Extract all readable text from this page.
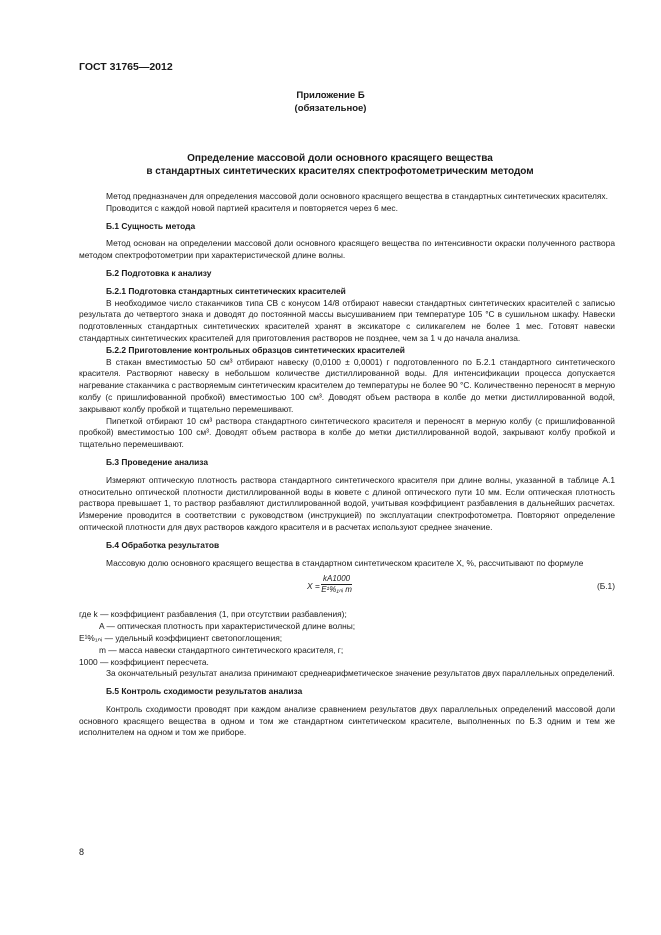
ГОСТ 31765—2012
Приложение Б
(обязательное)
Определение массовой доли основного красящего вещества
в стандартных синтетических красителях спектрофотометрическим методом

Метод предназначен для определения массовой доли основного красящего вещества в стандартных синтетических красителях.

Проводится с каждой новой партией красителя и повторяется через 6 мес.

Б.1 Сущность метода

Метод основан на определении массовой доли основного красящего вещества по интенсивности окраски полученного раствора методом спектрофотометрии при характеристической длине волны.

Б.2 Подготовка к анализу

Б.2.1 Подготовка стандартных синтетических красителей

В необходимое число стаканчиков типа СВ с конусом 14/8 отбирают навески стандартных синтетических красителей с записью результата до четвертого знака и доводят до постоянной массы высушиванием при температуре 105 °С в сушильном шкафу. Навески подготовленных стандартных синтетических красителей хранят в эксикаторе с силикагелем не более 1 мес. Готовят навески стандартных синтетических красителей для приготовления растворов не позднее, чем за 1 ч до начала анализа.

Б.2.2 Приготовление контрольных образцов синтетических красителей

В стакан вместимостью 50 см³ отбирают навеску (0,0100 ± 0,0001) г подготовленного по Б.2.1 стандартного синтетического красителя. Растворяют навеску в небольшом количестве дистиллированной воды. Для интенсификации процесса допускается нагревание стаканчика с растворяемым синтетическим красителем до температуры не более 90 °С. Количественно переносят в мерную колбу (с пришлифованной пробкой) вместимостью 100 см³. Доводят объем раствора в колбе до метки дистиллированной водой, закрывают колбу пробкой и тщательно перемешивают.

Пипеткой отбирают 10 см³ раствора стандартного синтетического красителя и переносят в мерную колбу (с пришлифованной пробкой) вместимостью 100 см³. Доводят объем раствора в колбе до метки дистиллированной водой, закрывают колбу пробкой и тщательно перемешивают.

Б.3 Проведение анализа

Измеряют оптическую плотность раствора стандартного синтетического красителя при длине волны, указанной в таблице А.1 относительно оптической плотности дистиллированной воды в кювете с длиной оптического пути 10 мм. Если оптическая плотность раствора превышает 1, то раствор разбавляют дистиллированной водой, учитывая коэффициент разбавления в дальнейших расчетах. Измерение проводится в соответствии с руководством (инструкцией) по эксплуатации спектрофотометра. Повторяют определение оптической плотности для двух растворов каждого красителя и в расчетах используют среднее значение.

Б.4 Обработка результатов

Массовую долю основного красящего вещества в стандартном синтетическом красителе X, %, рассчитывают по формуле

$X = \frac{kA1000}{\text{E¹\%₁ₙᵢ m}}$	(Б.1)
где k — коэффициент разбавления (1, при отсутствии разбавления);
A — оптическая плотность при характеристической длине волны;
E¹%₁ₙᵢ — удельный коэффициент светопоглощения;
m — масса навески стандартного синтетического красителя, г;
1000 — коэффициент пересчета.

За окончательный результат анализа принимают среднеарифметическое значение результатов двух параллельных определений.

Б.5 Контроль сходимости результатов анализа

Контроль сходимости проводят при каждом анализе сравнением результатов двух параллельных определений массовой доли основного красящего вещества в одном и том же стандартном синтетическом красителе, выполненных по Б.3 одним и тем же исполнителем на одном и том же приборе.

8
